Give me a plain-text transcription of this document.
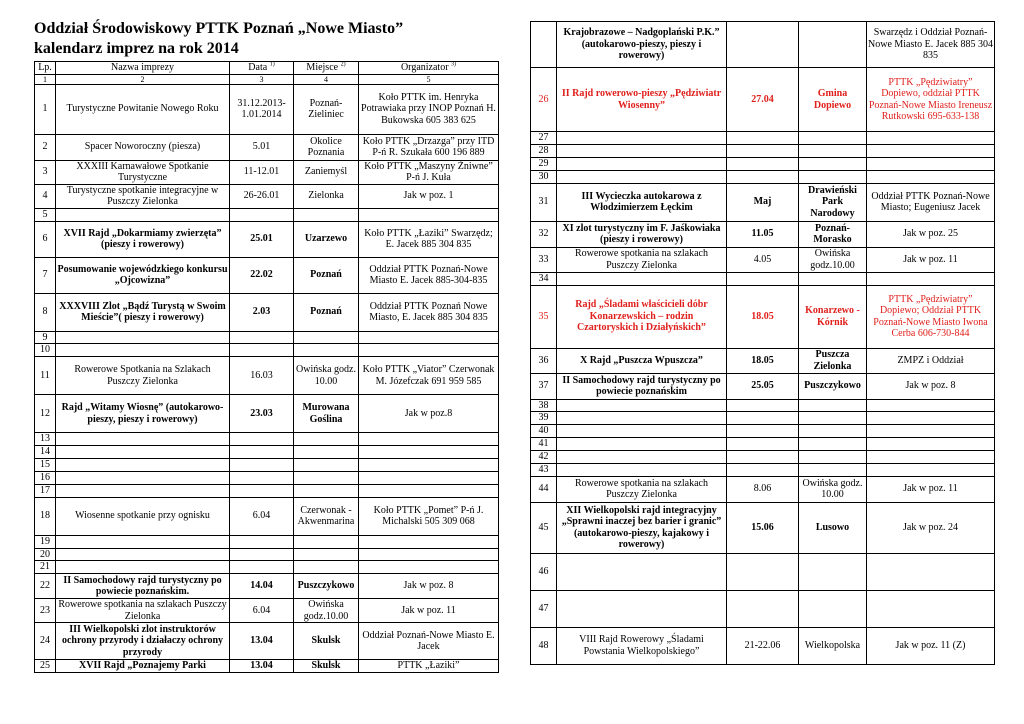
Oddział Środowiskowy PTTK Poznań „Nowe Miasto”
kalendarz imprez na rok 2014
Lp.	Nazwa imprezy	Data $^{1)}$	Miejsce $^{2)}$	Organizator $^{3)}$
1	2	3	4	5
1	Turystyczne Powitanie Nowego Roku	31.12.2013-1.01.2014	Poznań-Zieliniec	Koło PTTK im. Henryka Potrawiaka przy INOP Poznań H. Bukowska 605 383 625
2	Spacer Noworoczny (piesza)	5.01	Okolice Poznania	Koło PTTK „Drzazga” przy ITD P-ń R. Szukała 600 196 889
3	XXXIII Karnawałowe Spotkanie Turystyczne	11-12.01	Zaniemyśl	Koło PTTK „Maszyny Żniwne” P-ń J. Kuła
4	Turystyczne spotkanie integracyjne w Puszczy Zielonka	26-26.01	Zielonka	Jak w poz. 1
5				
6	XVII Rajd „Dokarmiamy zwierzęta” (pieszy i rowerowy)	25.01	Uzarzewo	Koło PTTK „Łaziki” Swarzędz; E. Jacek 885 304 835
7	Posumowanie wojewódzkiego konkursu „Ojcowizna”	22.02	Poznań	Oddział PTTK Poznań-Nowe Miasto E. Jacek 885-304-835
8	XXXVIII Zlot „Bądź Turystą w Swoim Mieście”( pieszy i rowerowy)	2.03	Poznań	Oddział PTTK Poznań Nowe Miasto, E. Jacek 885 304 835
9				
10				
11	Rowerowe Spotkania na Szlakach Puszczy Zielonka	16.03	Owińska godz. 10.00	Koło PTTK „Viator” Czerwonak M. Józefczak 691 959 585
12	Rajd „Witamy Wiosnę” (autokarowo-pieszy, pieszy i rowerowy)	23.03	Murowana Goślina	Jak w poz.8
13				
14				
15				
16				
17				
18	Wiosenne spotkanie przy ognisku	6.04	Czerwonak -Akwenmarina	Koło PTTK „Pomet” P-ń J. Michalski 505 309 068
19				
20				
21				
22	II Samochodowy rajd turystyczny po powiecie poznańskim.	14.04	Puszczykowo	Jak w poz. 8
23	Rowerowe spotkania na szlakach Puszczy Zielonka	6.04	Owińska godz.10.00	Jak w poz. 11
24	III Wielkopolski zlot instruktorów ochrony przyrody i działaczy ochrony przyrody	13.04	Skulsk	Oddział Poznań-Nowe Miasto E. Jacek
25	XVII Rajd „Poznajemy Parki	13.04	Skulsk	PTTK „Łaziki”
	Krajobrazowe – Nadgoplański P.K.” (autokarowo-pieszy, pieszy i rowerowy)			Swarzędz i Oddział Poznań-Nowe Miasto E. Jacek 885 304 835
26	II Rajd rowerowo-pieszy „Pędziwiatr Wiosenny”	27.04	Gmina Dopiewo	PTTK „Pędziwiatry” Dopiewo, oddział PTTK Poznań-Nowe Miasto Ireneusz Rutkowski 695-633-138
27				
28				
29				
30				
31	III Wycieczka autokarowa z Włodzimierzem Łęckim	Maj	Drawieński Park Narodowy	Oddział PTTK Poznań-Nowe Miasto; Eugeniusz Jacek
32	XI zlot turystyczny im F. Jaśkowiaka (pieszy i rowerowy)	11.05	Poznań-Morasko	Jak w poz. 25
33	Rowerowe spotkania na szlakach Puszczy Zielonka	4.05	Owińska godz.10.00	Jak w poz. 11
34				
35	Rajd „Śladami właścicieli dóbr Konarzewskich – rodzin Czartoryskich i Działyńskich”	18.05	Konarzewo - Kórnik	PTTK „Pędziwiatry” Dopiewo; Oddział PTTK Poznań-Nowe Miasto Iwona Cerba 606-730-844
36	X Rajd „Puszcza Wpuszcza”	18.05	Puszcza Zielonka	ZMPZ i Oddział
37	II Samochodowy rajd turystyczny po powiecie poznańskim	25.05	Puszczykowo	Jak w poz. 8
38				
39				
40				
41				
42				
43				
44	Rowerowe spotkania na szlakach Puszczy Zielonka	8.06	Owińska godz. 10.00	Jak w poz. 11
45	XII Wielkopolski rajd integracyjny „Sprawni inaczej bez barier i granic” (autokarowo-pieszy, kajakowy i rowerowy)	15.06	Lusowo	Jak w poz. 24
46				
47				
48	VIII Rajd Rowerowy „Śladami Powstania Wielkopolskiego”	21-22.06	Wielkopolska	Jak w poz. 11 (Z)
